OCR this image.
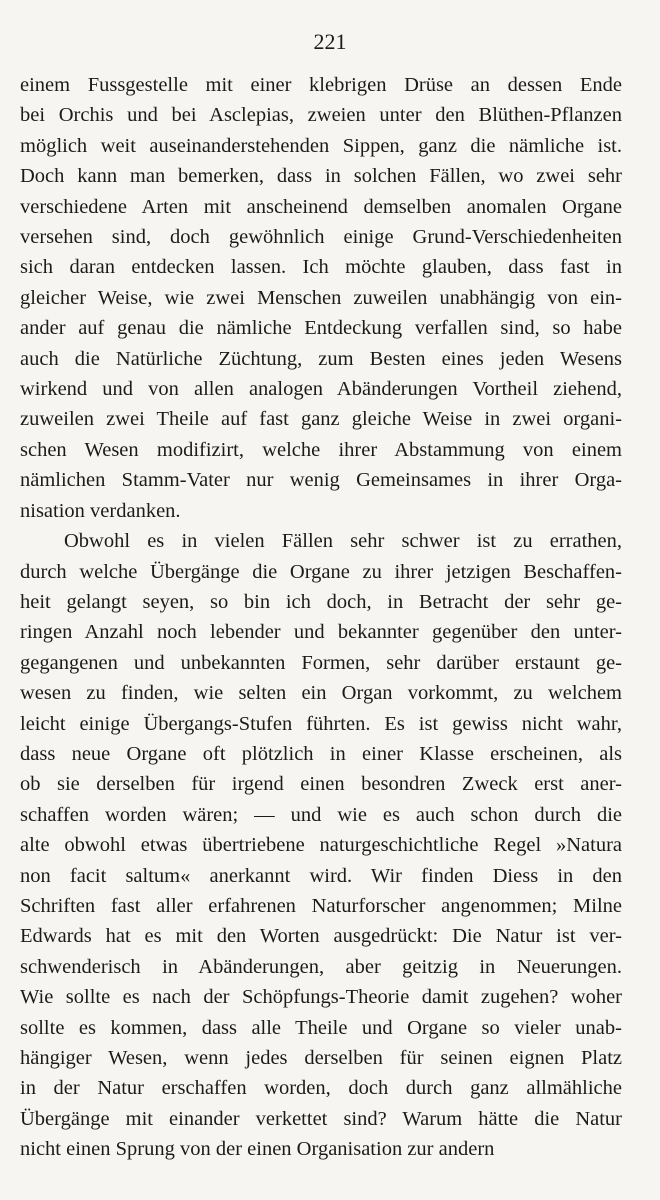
221
einem Fussgestelle mit einer klebrigen Drüse an dessen Ende
bei Orchis und bei Asclepias, zweien unter den Blüthen-Pflanzen
möglich weit auseinanderstehenden Sippen, ganz die nämliche ist.
Doch kann man bemerken, dass in solchen Fällen, wo zwei sehr
verschiedene Arten mit anscheinend demselben anomalen Organe
versehen sind, doch gewöhnlich einige Grund-Verschiedenheiten
sich daran entdecken lassen. Ich möchte glauben, dass fast in
gleicher Weise, wie zwei Menschen zuweilen unabhängig von ein-
ander auf genau die nämliche Entdeckung verfallen sind, so habe
auch die Natürliche Züchtung, zum Besten eines jeden Wesens
wirkend und von allen analogen Abänderungen Vortheil ziehend,
zuweilen zwei Theile auf fast ganz gleiche Weise in zwei organi-
schen Wesen modifizirt, welche ihrer Abstammung von einem
nämlichen Stamm-Vater nur wenig Gemeinsames in ihrer Orga-
nisation verdanken.
Obwohl es in vielen Fällen sehr schwer ist zu errathen,
durch welche Übergänge die Organe zu ihrer jetzigen Beschaffen-
heit gelangt seyen, so bin ich doch, in Betracht der sehr ge-
ringen Anzahl noch lebender und bekannter gegenüber den unter-
gegangenen und unbekannten Formen, sehr darüber erstaunt ge-
wesen zu finden, wie selten ein Organ vorkommt, zu welchem
leicht einige Übergangs-Stufen führten. Es ist gewiss nicht wahr,
dass neue Organe oft plötzlich in einer Klasse erscheinen, als
ob sie derselben für irgend einen besondren Zweck erst aner-
schaffen worden wären; — und wie es auch schon durch die
alte obwohl etwas übertriebene naturgeschichtliche Regel »Natura
non facit saltum« anerkannt wird. Wir finden Diess in den
Schriften fast aller erfahrenen Naturforscher angenommen; Milne
Edwards hat es mit den Worten ausgedrückt: Die Natur ist ver-
schwenderisch in Abänderungen, aber geitzig in Neuerungen.
Wie sollte es nach der Schöpfungs-Theorie damit zugehen? woher
sollte es kommen, dass alle Theile und Organe so vieler unab-
hängiger Wesen, wenn jedes derselben für seinen eignen Platz
in der Natur erschaffen worden, doch durch ganz allmähliche
Übergänge mit einander verkettet sind? Warum hätte die Natur
nicht einen Sprung von der einen Organisation zur andern
